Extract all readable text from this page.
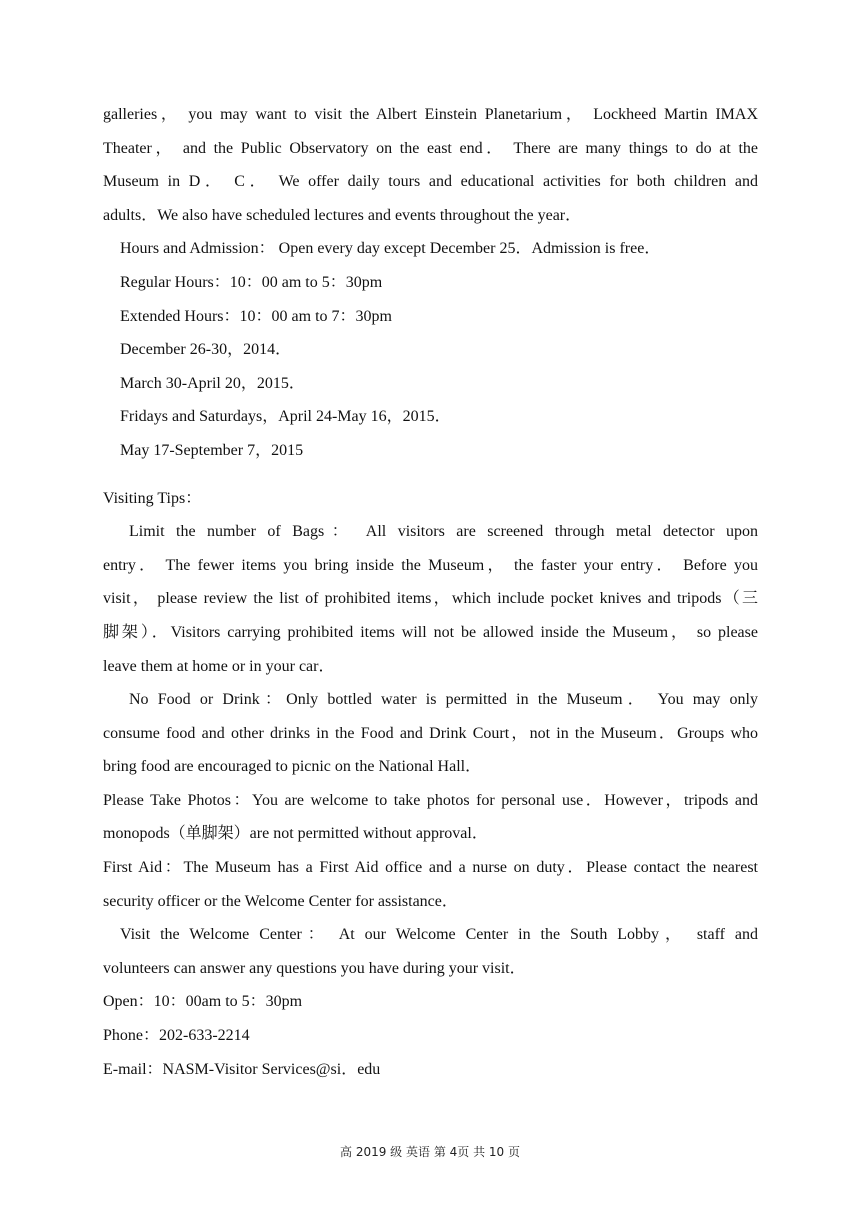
galleries， you may want to visit the Albert Einstein Planetarium， Lockheed Martin IMAX
Theater， and the Public Observatory on the east end． There are many things to do at the
Museum in D． C． We offer daily tours and educational activities for both children and
adults．We also have scheduled lectures and events throughout the year．
Hours and Admission： Open every day except December 25．Admission is free．
Regular Hours：10：00 am to 5：30pm
Extended Hours：10：00 am to 7：30pm
December 26-30，2014．
March 30-April 20，2015．
Fridays and Saturdays，April 24-May 16，2015．
May 17-September 7，2015
Visiting Tips：
Limit the number of Bags： All visitors are screened through metal detector upon
entry． The fewer items you bring inside the Museum， the faster your entry． Before you
visit， please review the list of prohibited items，which include pocket knives and tripods（三
脚架）．Visitors carrying prohibited items will not be allowed inside the Museum， so please
leave them at home or in your car．
No Food or Drink：Only bottled water is permitted in the Museum． You may only
consume food and other drinks in the Food and Drink Court，not in the Museum．Groups who
bring food are encouraged to picnic on the National Hall．
Please Take Photos：You are welcome to take photos for personal use．However，tripods and
monopods（单脚架）are not permitted without approval．
First Aid：The Museum has a First Aid office and a nurse on duty．Please contact the nearest
security officer or the Welcome Center for assistance．
Visit the Welcome Center： At our Welcome Center in the South Lobby， staff and
volunteers can answer any questions you have during your visit．
Open：10：00am to 5：30pm
Phone：202-633-2214
E-mail：NASM-Visitor Services@si．edu
高 2019 级 英语 第 4页 共 10 页
